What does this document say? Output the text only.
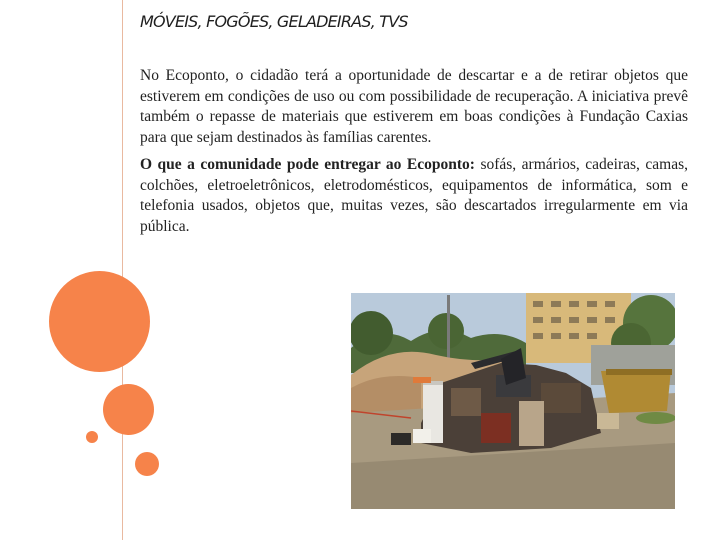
MÓVEIS, FOGÕES, GELADEIRAS, TVS

No Ecoponto, o cidadão terá a oportunidade de descartar e a de retirar objetos que estiverem em condições de uso ou com possibilidade de recuperação. A iniciativa prevê também o repasse de materiais que estiverem em boas condições à Fundação Caxias para que sejam destinados às famílias carentes.

O que a comunidade pode entregar ao Ecoponto: sofás, armários, cadeiras, camas, colchões, eletroeletrônicos, eletrodomésticos, equipamentos de informática, som e telefonia usados, objetos que, muitas vezes, são descartados irregularmente em via pública.
